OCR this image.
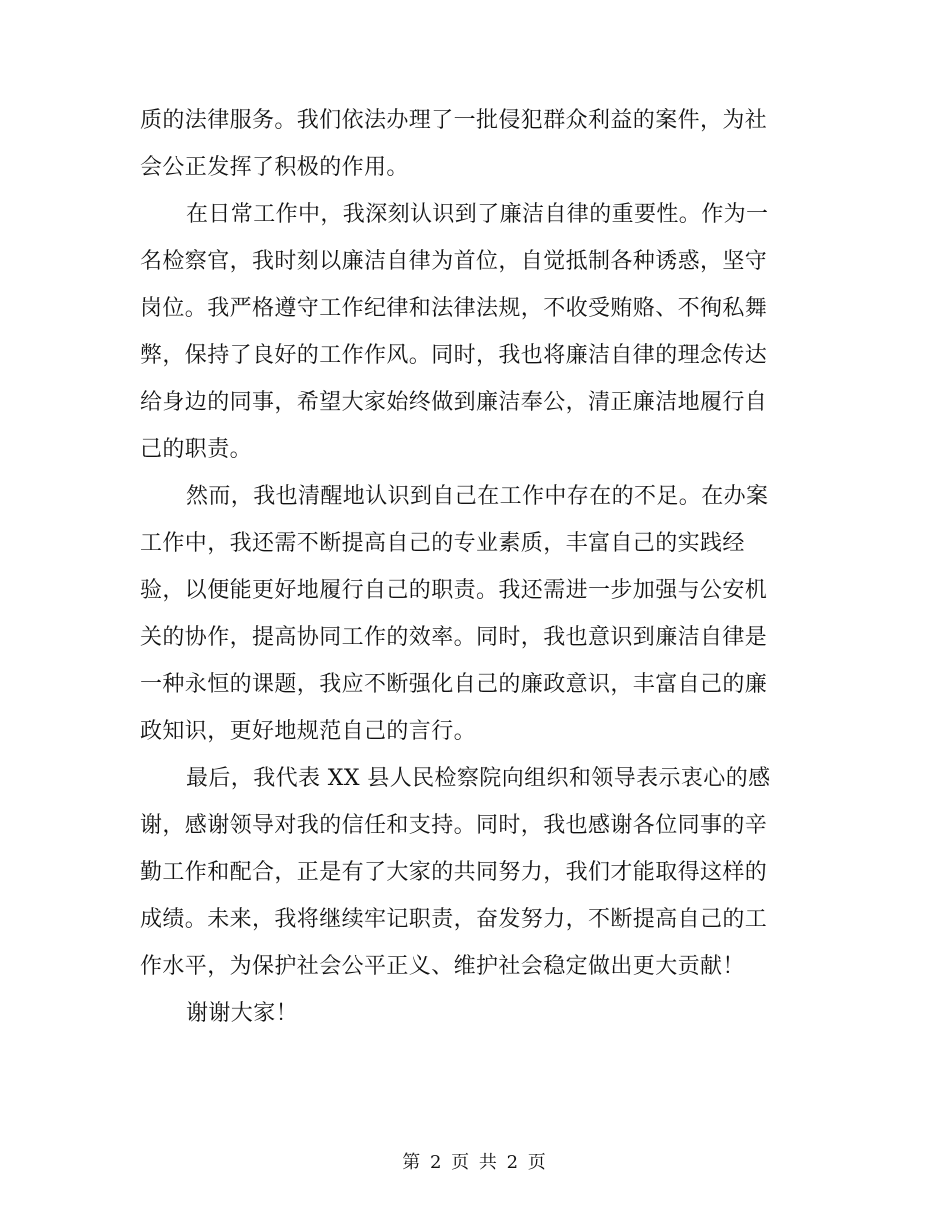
质的法律服务。我们依法办理了一批侵犯群众利益的案件，为社
会公正发挥了积极的作用。
在日常工作中，我深刻认识到了廉洁自律的重要性。作为一
名检察官，我时刻以廉洁自律为首位，自觉抵制各种诱惑，坚守
岗位。我严格遵守工作纪律和法律法规，不收受贿赂、不徇私舞
弊，保持了良好的工作作风。同时，我也将廉洁自律的理念传达
给身边的同事，希望大家始终做到廉洁奉公，清正廉洁地履行自
己的职责。
然而，我也清醒地认识到自己在工作中存在的不足。在办案
工作中，我还需不断提高自己的专业素质，丰富自己的实践经
验，以便能更好地履行自己的职责。我还需进一步加强与公安机
关的协作，提高协同工作的效率。同时，我也意识到廉洁自律是
一种永恒的课题，我应不断强化自己的廉政意识，丰富自己的廉
政知识，更好地规范自己的言行。
最后，我代表 XX 县人民检察院向组织和领导表示衷心的感
谢，感谢领导对我的信任和支持。同时，我也感谢各位同事的辛
勤工作和配合，正是有了大家的共同努力，我们才能取得这样的
成绩。未来，我将继续牢记职责，奋发努力，不断提高自己的工
作水平，为保护社会公平正义、维护社会稳定做出更大贡献！
谢谢大家！
第 2 页 共 2 页
